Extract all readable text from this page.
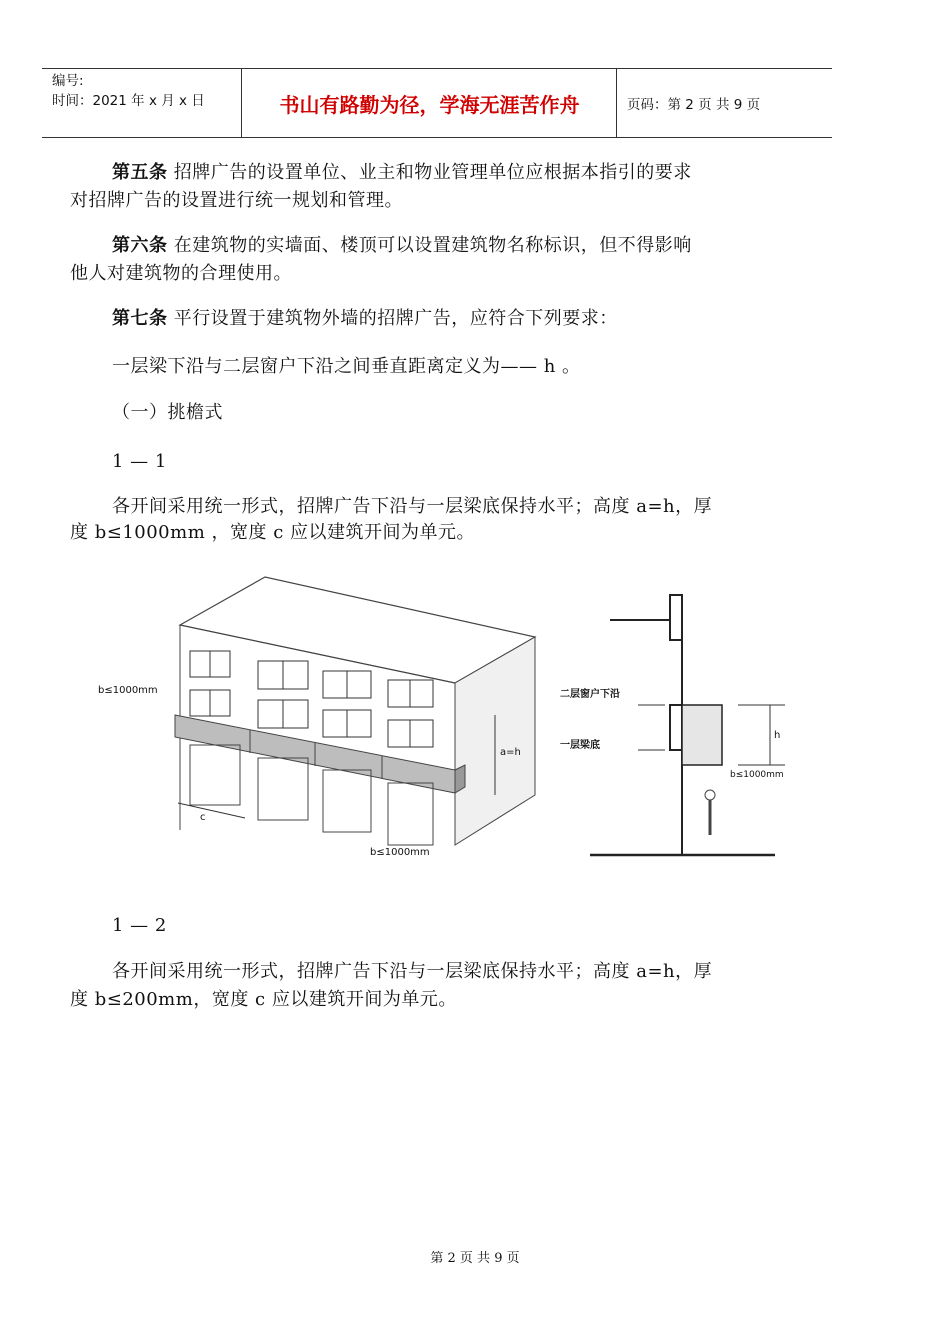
编号:
时间：2021 年 x 月 x 日	书山有路勤为径，学海无涯苦作舟	页码：第 2 页 共 9 页
第五条 招牌广告的设置单位、业主和物业管理单位应根据本指引的要求
对招牌广告的设置进行统一规划和管理。
第六条 在建筑物的实墙面、楼顶可以设置建筑物名称标识，但不得影响
他人对建筑物的合理使用。
第七条 平行设置于建筑物外墙的招牌广告，应符合下列要求：
一层梁下沿与二层窗户下沿之间垂直距离定义为—— h 。
（一）挑檐式
1 — 1
各开间采用统一形式，招牌广告下沿与一层梁底保持水平；高度 a=h，厚
度 b≤1000mm ，宽度 c 应以建筑开间为单元。
b≤1000mm
c
a=h
b≤1000mm
二层窗户下沿
一层梁底
h
b≤1000mm
1 — 2
各开间采用统一形式，招牌广告下沿与一层梁底保持水平；高度 a=h，厚
度 b≤200mm，宽度 c 应以建筑开间为单元。
第 2 页 共 9 页
